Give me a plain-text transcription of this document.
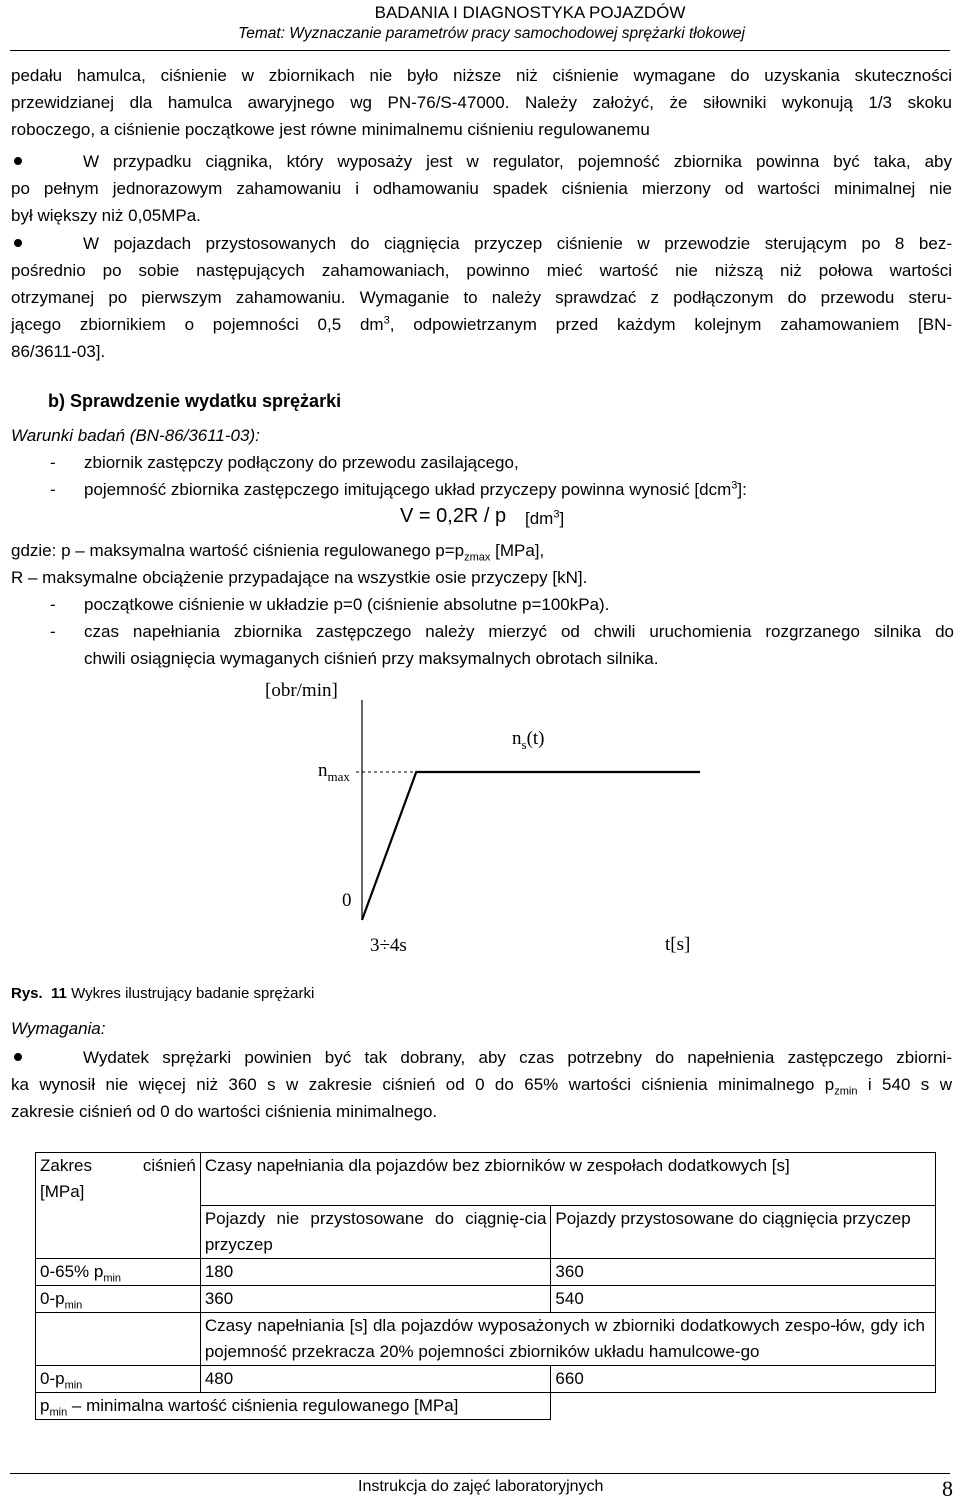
BADANIA I DIAGNOSTYKA POJAZDÓW
Temat: Wyznaczanie parametrów pracy samochodowej sprężarki tłokowej
pedału hamulca, ciśnienie w zbiornikach nie było niższe niż ciśnienie wymagane do uzyskania skuteczności
przewidzianej dla hamulca awaryjnego wg PN-76/S-47000. Należy założyć, że siłowniki wykonują 1/3 skoku
roboczego, a ciśnienie początkowe jest równe minimalnemu ciśnieniu regulowanemu
W przypadku ciągnika, który wyposaży jest w regulator, pojemność zbiornika powinna być taka, aby
po pełnym jednorazowym zahamowaniu i odhamowaniu spadek ciśnienia mierzony od wartości minimalnej nie
był większy niż 0,05MPa.
W pojazdach przystosowanych do ciągnięcia przyczep ciśnienie w przewodzie sterującym po 8 bez-
pośrednio po sobie następujących zahamowaniach, powinno mieć wartość nie niższą niż połowa wartości
otrzymanej po pierwszym zahamowaniu. Wymaganie to należy sprawdzać z podłączonym do przewodu steru-
jącego zbiornikiem o pojemności 0,5 $dm^3$, odpowietrzanym przed każdym kolejnym zahamowaniem [BN-
86/3611-03].
b) Sprawdzenie wydatku sprężarki
Warunki badań (BN-86/3611-03):
- zbiornik zastępczy podłączony do przewodu zasilającego,
- pojemność zbiornika zastępczego imitującego układ przyczepy powinna wynosić [dcm$^3$]:
V = 0,2R / p $[dm^3]$
gdzie: p – maksymalna wartość ciśnienia regulowanego $p=p_{zmax}$ [MPa],
R – maksymalne obciążenie przypadające na wszystkie osie przyczepy [kN].
- początkowe ciśnienie w układzie p=0 (ciśnienie absolutne p=100kPa).
- czas napełniania zbiornika zastępczego należy mierzyć od chwili uruchomienia rozgrzanego silnika do
chwili osiągnięcia wymaganych ciśnień przy maksymalnych obrotach silnika.
[obr/min]
$n_s(t)$
$n_{max}$
0
3÷4s	t[s]
Rys. 11 Wykres ilustrujący badanie sprężarki
Wymagania:
Wydatek sprężarki powinien być tak dobrany, aby czas potrzebny do napełnienia zastępczego zbiorni-
ka wynosił nie więcej niż 360 s w zakresie ciśnień od 0 do 65% wartości ciśnienia minimalnego $p_{zmin}$ i 540 s w
zakresie ciśnień od 0 do wartości ciśnienia minimalnego.
Zakres ciśnień [MPa]	Czasy napełniania dla pojazdów bez zbiorników w zespołach dodatkowych [s]	
	Pojazdy nie przystosowane do ciągnię-cia przyczep	Pojazdy przystosowane do ciągnięcia przyczep
0-65% $p_{min}$	180	360
$0-p_{min}$	360	540
	Czasy napełniania [s] dla pojazdów wyposażonych w zbiorniki dodatkowych zespo-łów, gdy ich pojemność przekracza 20% pojemności zbiorników układu hamulcowe-go	
$0-p_{min}$	480	660
$p_{min}$ – minimalna wartość ciśnienia regulowanego [MPa]		
Instrukcja do zajęć laboratoryjnych	8
